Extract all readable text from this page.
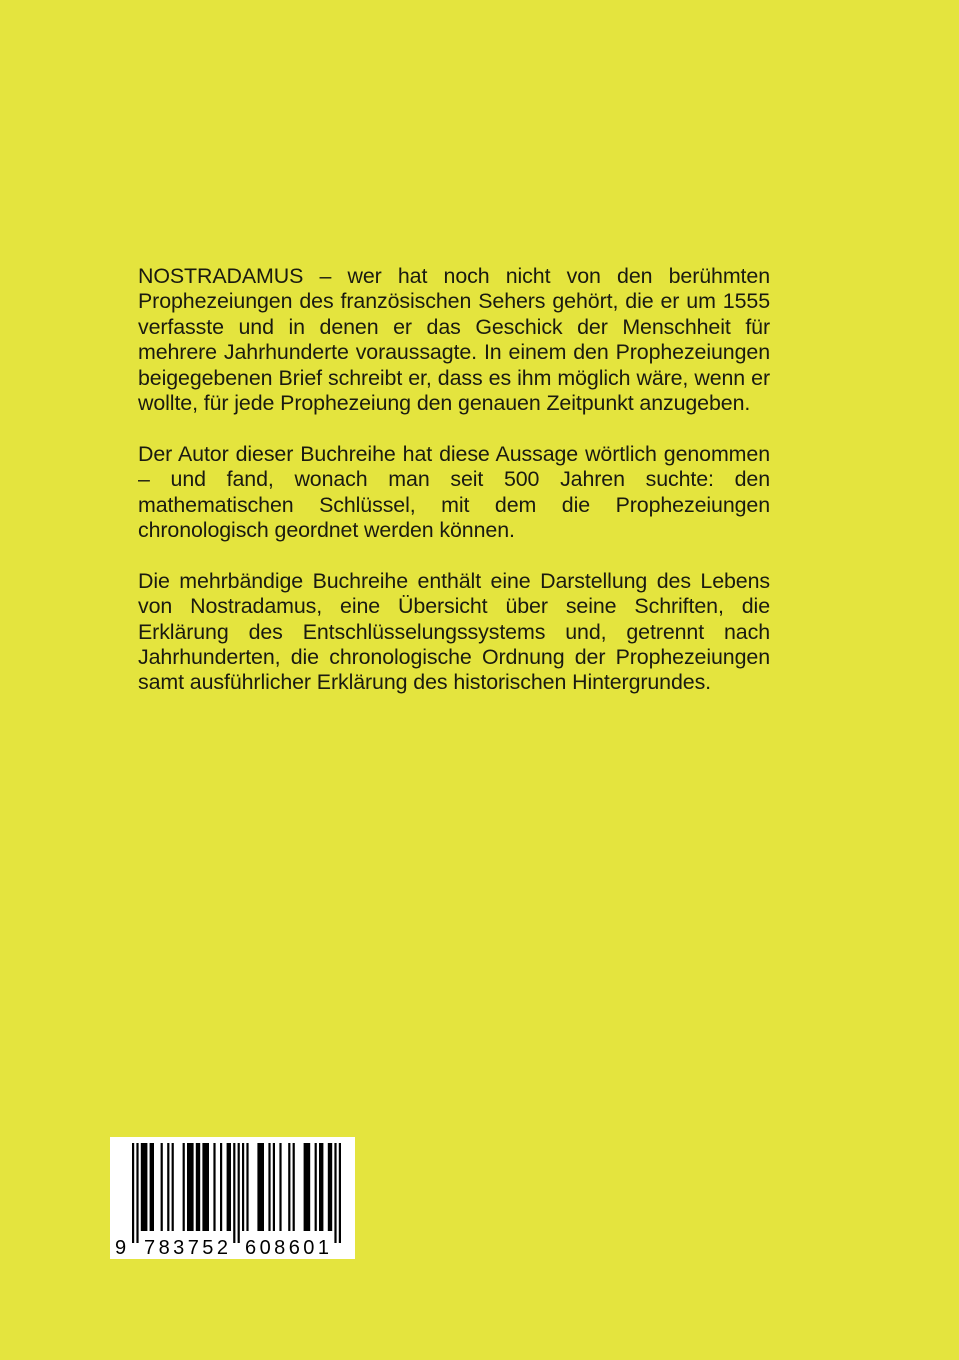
NOSTRADAMUS – wer hat noch nicht von den berühmten Prophezeiungen des französischen Sehers gehört, die er um 1555 verfasste und in denen er das Geschick der Menschheit für mehrere Jahrhunderte voraussagte. In einem den Prophezeiungen beigegebenen Brief schreibt er, dass es ihm möglich wäre, wenn er wollte, für jede Prophezeiung den genauen Zeitpunkt anzugeben.

Der Autor dieser Buchreihe hat diese Aussage wörtlich genommen – und fand, wonach man seit 500 Jahren suchte: den mathematischen Schlüssel, mit dem die Prophezeiungen chronologisch geordnet werden können.

Die mehrbändige Buchreihe enthält eine Darstellung des Lebens von Nostradamus, eine Übersicht über seine Schriften, die Erklärung des Entschlüsselungssystems und, getrennt nach Jahrhunderten, die chronologische Ordnung der Prophezeiungen samt ausführlicher Erklärung des historischen Hintergrundes.

9 783752 608601
